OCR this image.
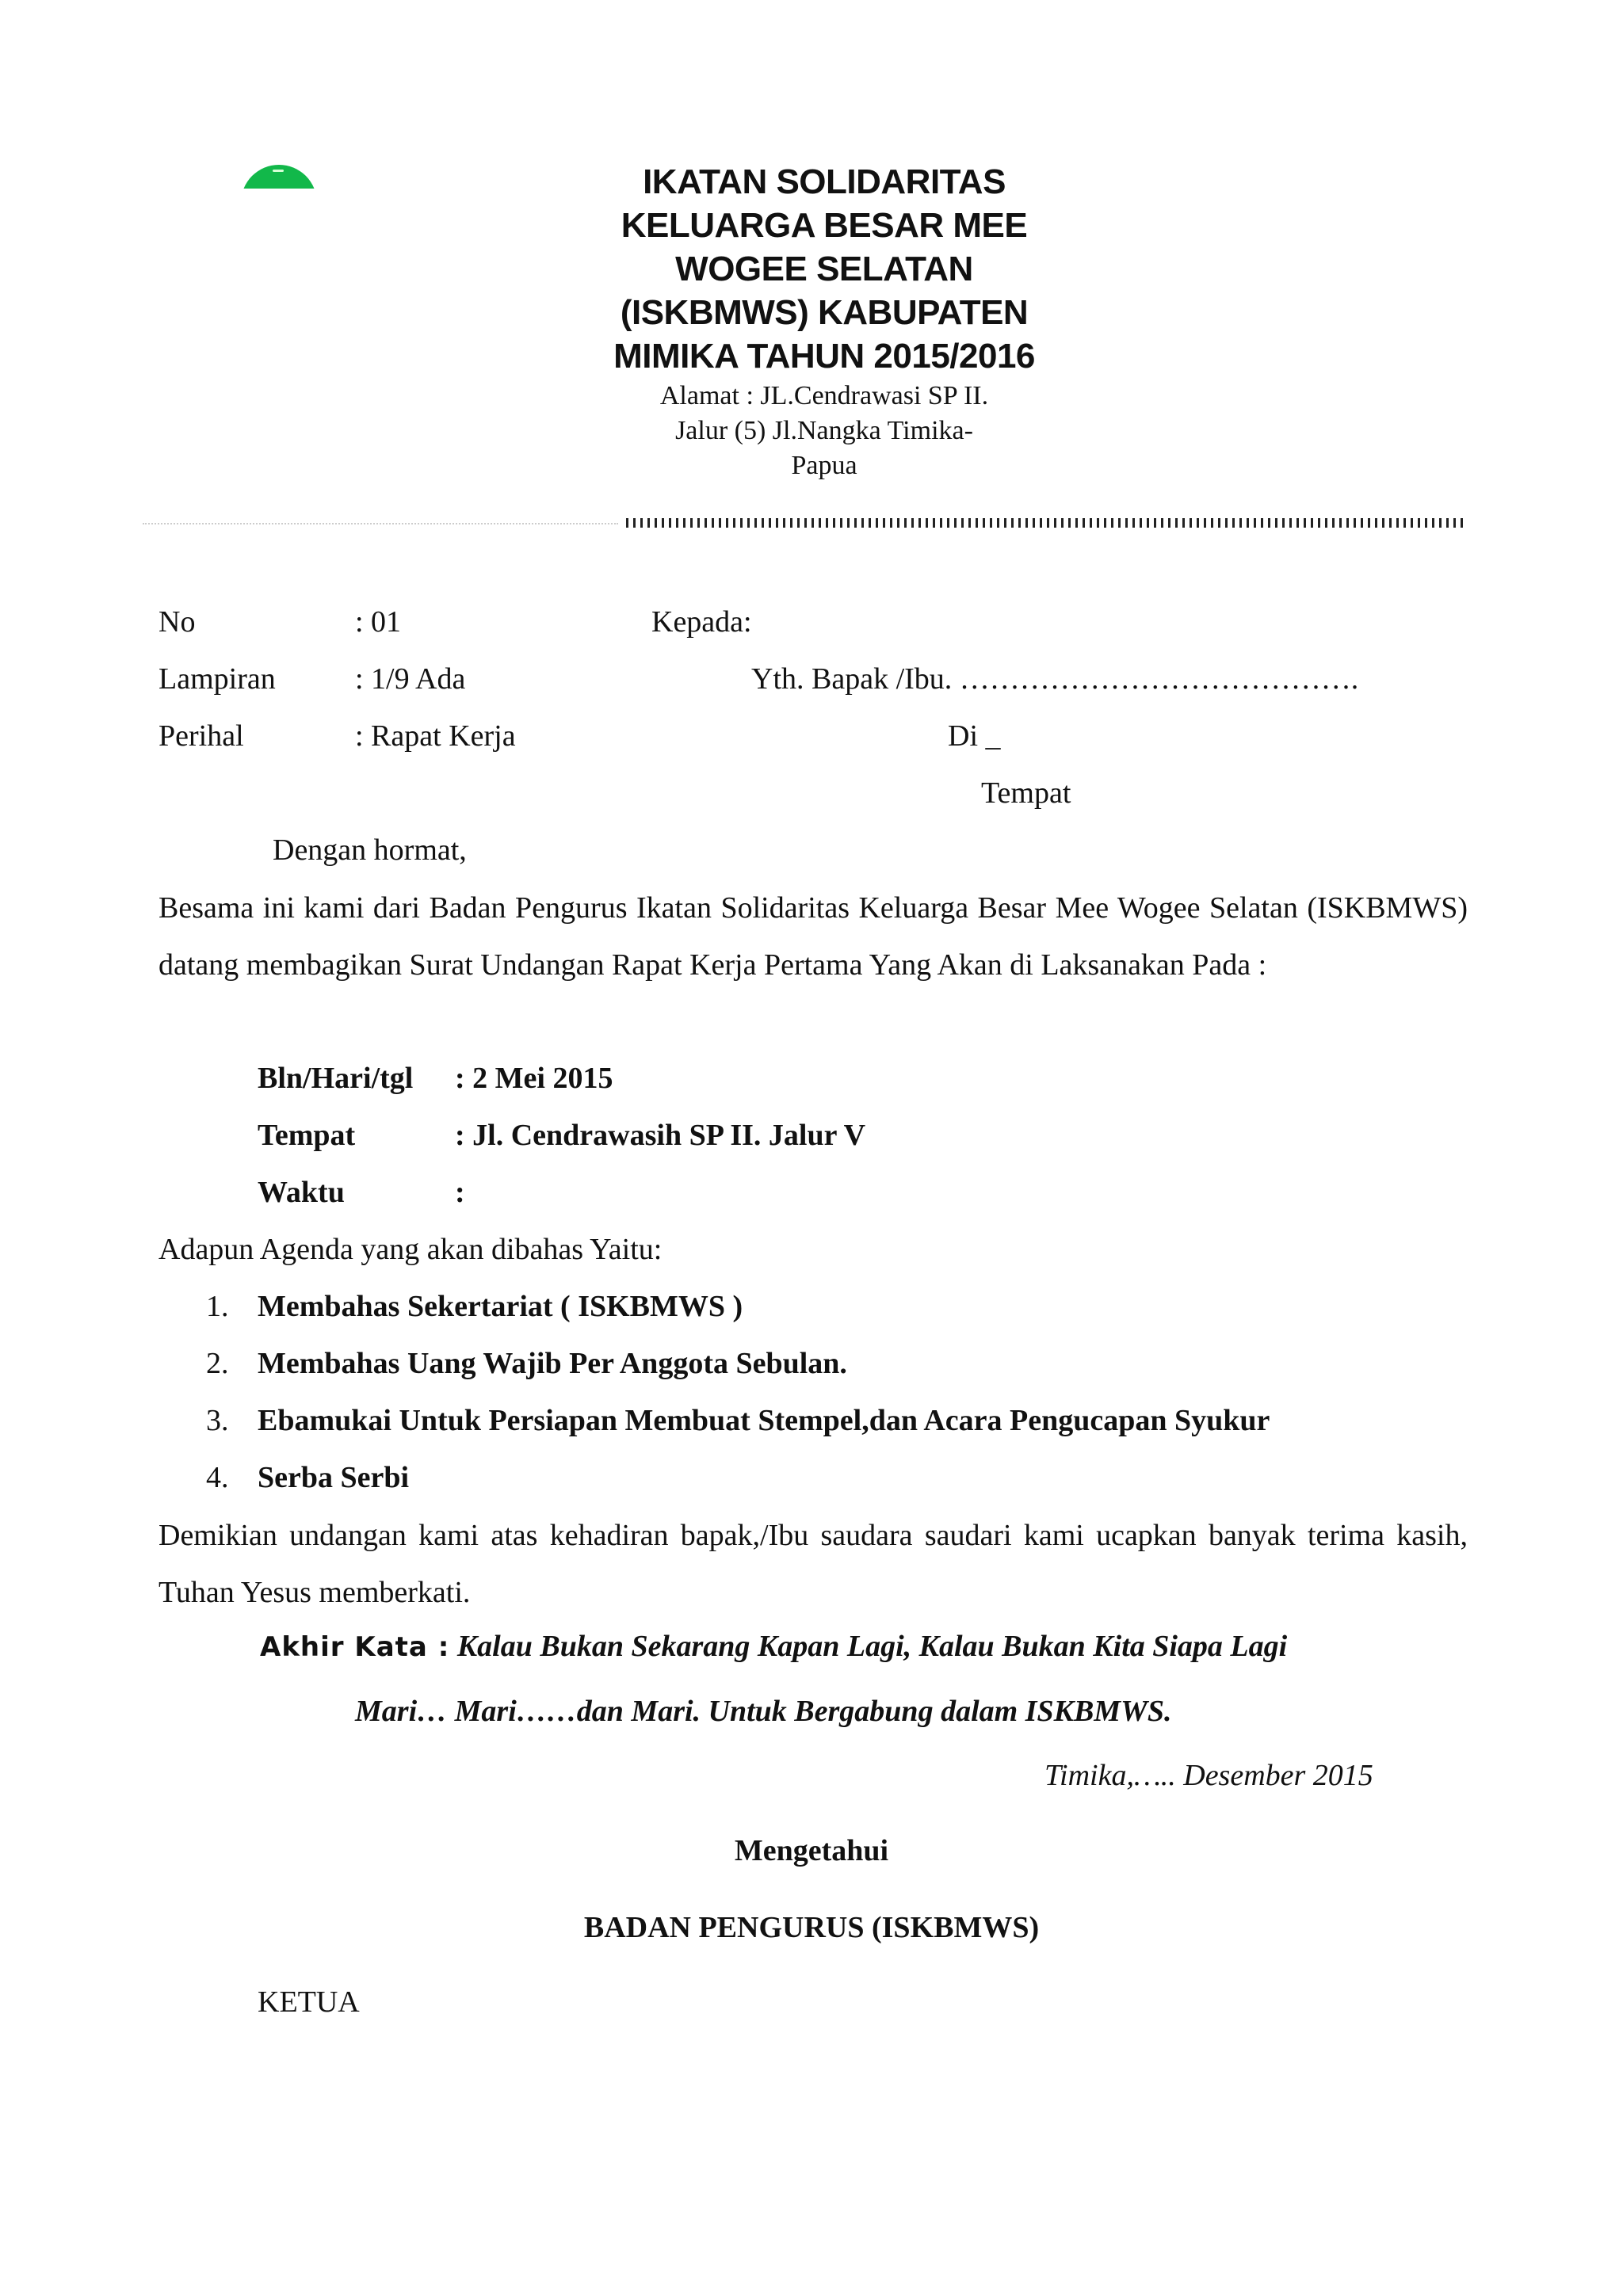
IKATAN SOLIDARITAS
KELUARGA BESAR MEE
WOGEE SELATAN
(ISKBMWS) KABUPATEN
MIMIKA TAHUN 2015/2016
Alamat : JL.Cendrawasi SP II.
Jalur (5) Jl.Nangka Timika-
Papua
No	: 01
Lampiran	: 1/9 Ada
Perihal	: Rapat Kerja
Kepada:
Yth. Bapak /Ibu. ………………………………….
Di _
Tempat
Dengan hormat,
Besama ini kami dari Badan Pengurus Ikatan Solidaritas Keluarga Besar Mee Wogee Selatan (ISKBMWS) datang membagikan Surat Undangan Rapat Kerja Pertama Yang Akan di Laksanakan Pada :
Bln/Hari/tgl : 2 Mei 2015
Tempat	: Jl. Cendrawasih SP II. Jalur V
Waktu	:
Adapun Agenda yang akan dibahas Yaitu:
1. Membahas Sekertariat ( ISKBMWS )
2. Membahas Uang Wajib Per Anggota Sebulan.
3. Ebamukai Untuk Persiapan Membuat Stempel,dan Acara Pengucapan Syukur
4. Serba Serbi
Demikian undangan kami atas kehadiran bapak,/Ibu saudara saudari kami ucapkan banyak terima kasih, Tuhan Yesus memberkati.
Akhir Kata : Kalau Bukan Sekarang Kapan Lagi, Kalau Bukan Kita Siapa Lagi
Mari… Mari……dan Mari. Untuk Bergabung dalam ISKBMWS.
Timika,….. Desember 2015
Mengetahui
BADAN PENGURUS (ISKBMWS)
KETUA
